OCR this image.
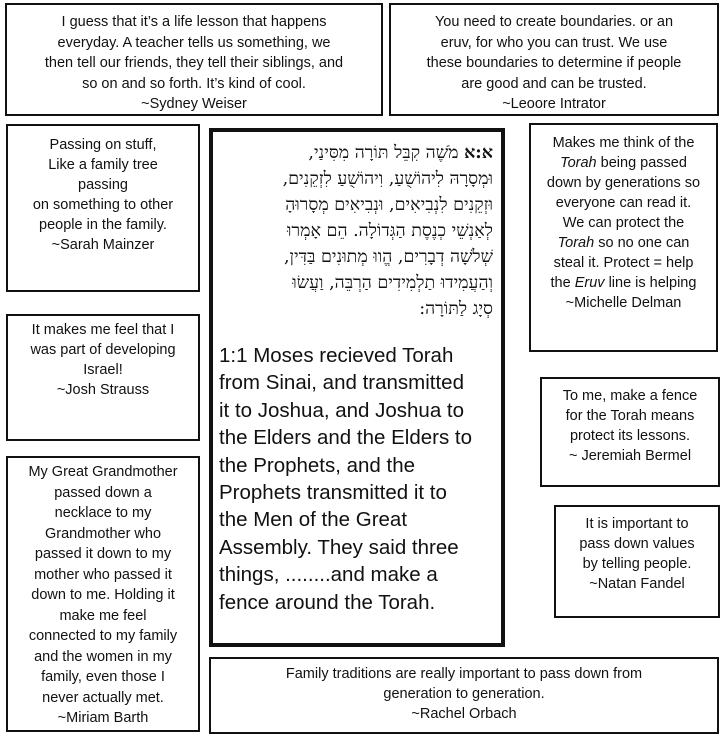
I guess that it’s a life lesson that happens
everyday. A teacher tells us something, we
then tell our friends, they tell their siblings, and
so on and so forth. It’s kind of cool.
~Sydney Weiser
You need to create boundaries. or an
eruv, for who you can trust. We use
these boundaries to determine if people
are good and can be trusted.
~Leoore Intrator
Passing on stuff,
Like a family tree
passing
on something to other
people in the family.
~Sarah Mainzer
א:א מֹשֶׁה קִבֵּל תּוֹרָה מִסִּינַי,
וּמְסָרָהּ לִיהוֹשֻׁעַ, וִיהוֹשֻׁעַ לִזְקֵנִים,
וּזְקֵנִים לִנְבִיאִים, וּנְבִיאִים מְסָרוּהָ
לְאַנְשֵׁי כְנֶסֶת הַגְּדוֹלָה. הֵם אָמְרוּ
שְׁלֹשָׁה דְבָרִים, הֱווּ מְתוּנִים בַּדִּין,
וְהַעֲמִידוּ תַלְמִידִים הַרְבֵּה, וַעֲשׂוּ
סְיָג לַתּוֹרָה:
1:1 Moses recieved Torah
from Sinai, and transmitted
it to Joshua, and Joshua to
the Elders and the Elders to
the Prophets, and the
Prophets transmitted it to
the Men of the Great
Assembly. They said three
things, ........and make a
fence around the Torah.
Makes me think of the
Torah being passed
down by generations so
everyone can read it.
We can protect the
Torah so no one can
steal it. Protect = help
the Eruv line is helping
~Michelle Delman
It makes me feel that I
was part of developing
Israel!
~Josh Strauss	To me, make a fence
for the Torah means
protect its lessons.
~ Jeremiah Bermel
It is important to
pass down values
by telling people.
~Natan Fandel
My Great Grandmother
passed down a
necklace to my
Grandmother who
passed it down to my
mother who passed it
down to me. Holding it
make me feel
connected to my family
and the women in my
family, even those I
never actually met.
~Miriam Barth
Family traditions are really important to pass down from
generation to generation.
~Rachel Orbach
